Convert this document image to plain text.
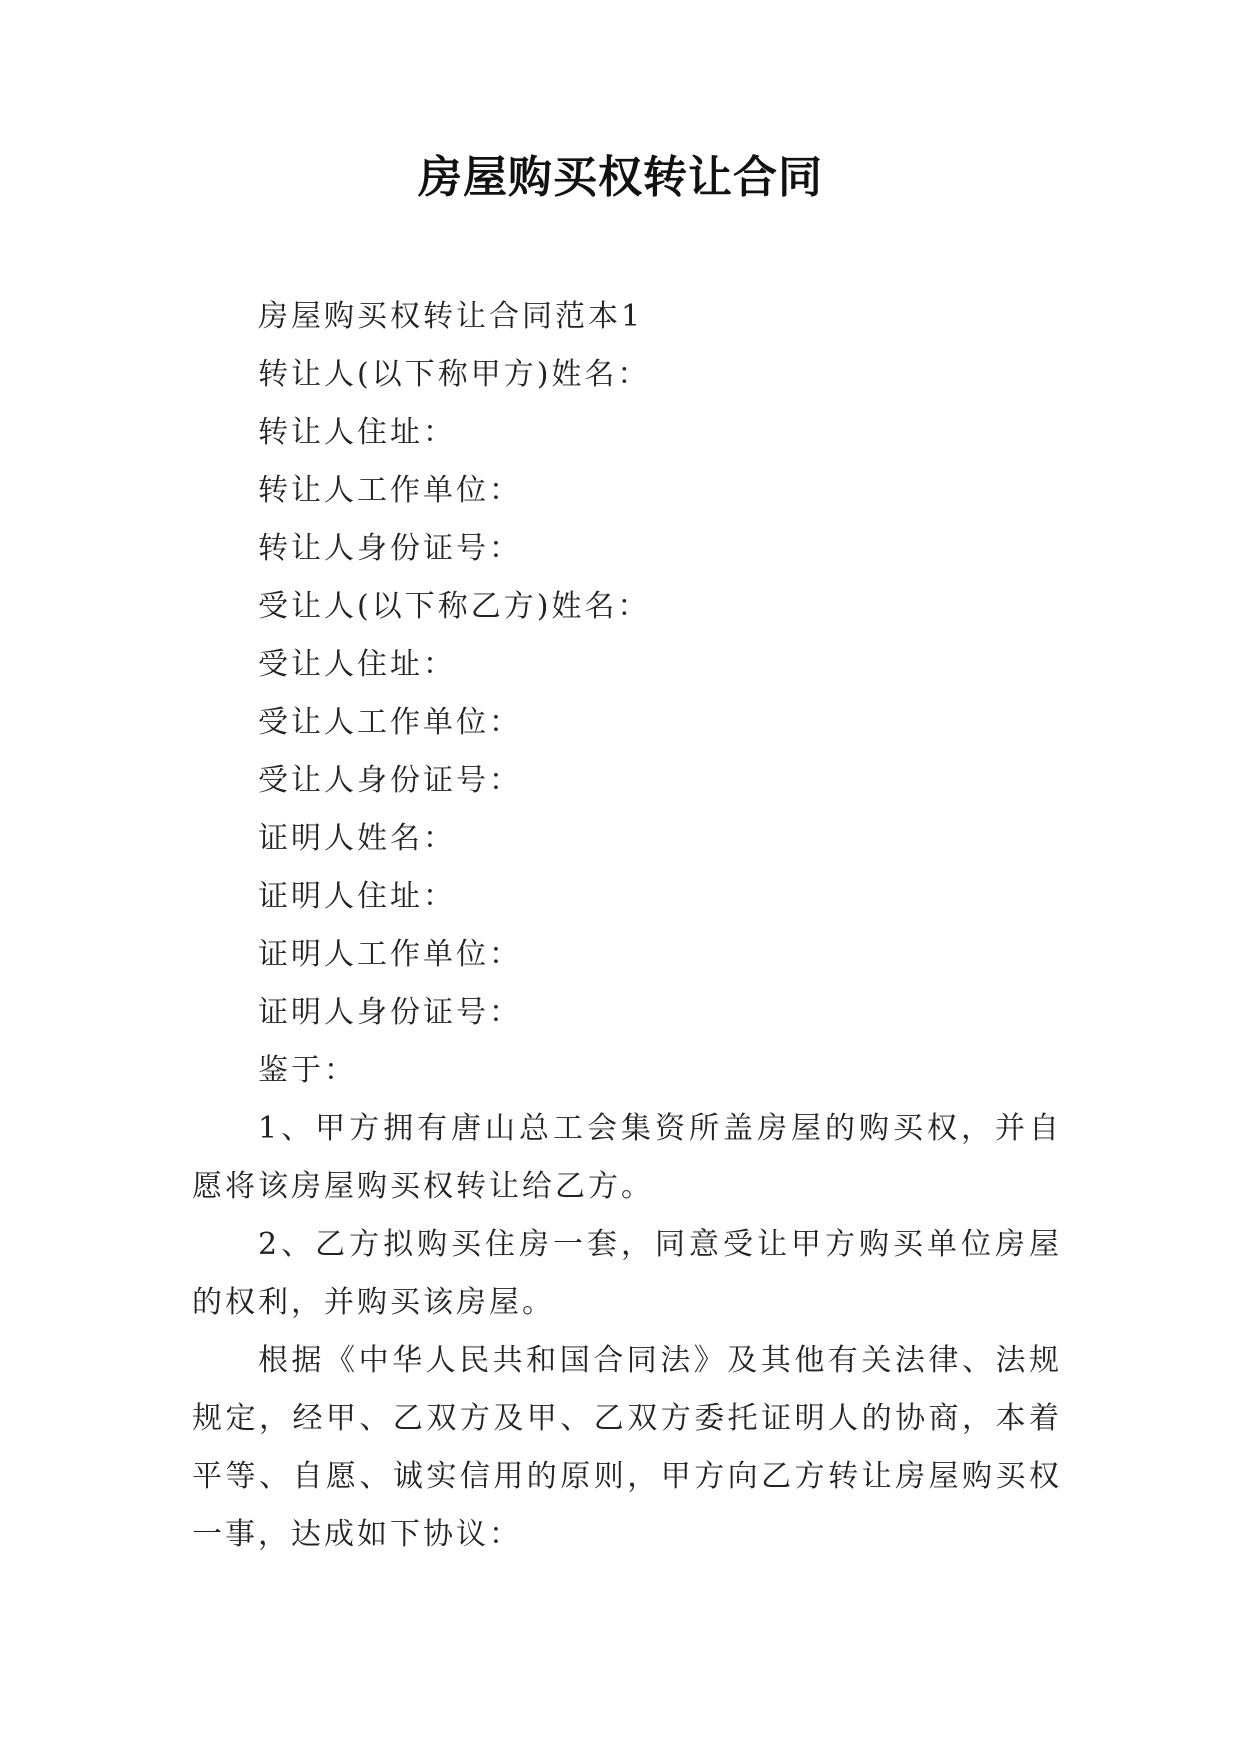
房屋购买权转让合同

房屋购买权转让合同范本1

转让人(以下称甲方)姓名：

转让人住址：

转让人工作单位：

转让人身份证号：

受让人(以下称乙方)姓名：

受让人住址：

受让人工作单位：

受让人身份证号：

证明人姓名：

证明人住址：

证明人工作单位：

证明人身份证号：

鉴于：

1、甲方拥有唐山总工会集资所盖房屋的购买权，并自愿将该房屋购买权转让给乙方。

2、乙方拟购买住房一套，同意受让甲方购买单位房屋的权利，并购买该房屋。

根据《中华人民共和国合同法》及其他有关法律、法规规定，经甲、乙双方及甲、乙双方委托证明人的协商，本着平等、自愿、诚实信用的原则，甲方向乙方转让房屋购买权一事，达成如下协议：
